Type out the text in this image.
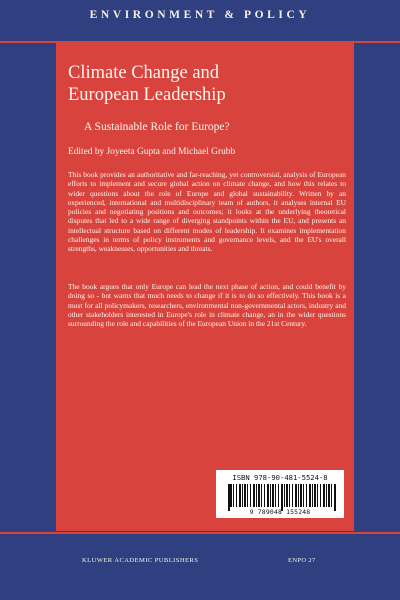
ENVIRONMENT & POLICY
Climate Change and
European Leadership
A Sustainable Role for Europe?
Edited by Joyeeta Gupta and Michael Grubb
This book provides an authoritative and far-reaching, yet controversial, analysis of European efforts to implement and secure global action on climate change, and how this relates to wider questions about the role of Europe and global sustainability. Written by an experienced, international and multidisciplinary team of authors, it analyses internal EU policies and negotiating positions and outcomes; it looks at the underlying theoretical disputes that led to a wide range of diverging standpoints within the EU, and presents an intellectual structure based on different modes of leadership. It examines implementation challenges in terms of policy instruments and governance levels, and the EU's overall strengths, weaknesses, opportunities and threats.
The book argues that only Europe can lead the next phase of action, and could benefit by doing so - but warns that much needs to change if it is to do so effectively. This book is a must for all policymakers, researchers, environmental non-governmental actors, industry and other stakeholders interested in Europe's role in climate change, an in the wider questions surrounding the role and capabilities of the European Union in the 21st Century.
ISBN 978-90-481-5524-8
9 789048 155248
KLUWER ACADEMIC PUBLISHERS	ENPO 27
